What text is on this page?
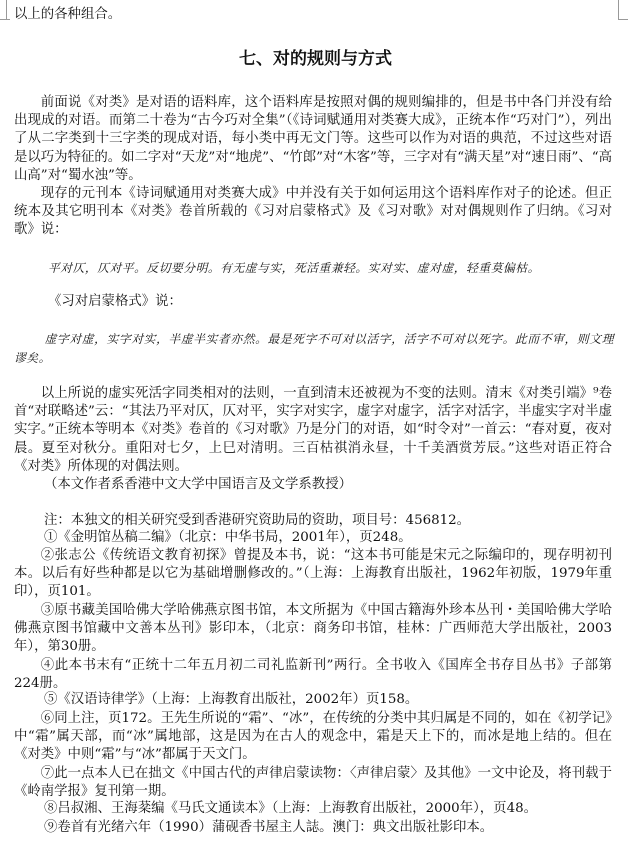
以上的各种组合。
七、对的规则与方式

前面说《对类》是对语的语料库，这个语料库是按照对偶的规则编排的，但是书中各门并没有给出现成的对语。而第二十卷为“古今巧对全集”（《诗词赋通用对类赛大成》，正统本作“巧对门”），列出了从二字类到十三字类的现成对语，每小类中再无文门等。这些可以作为对语的典范，不过这些对语是以巧为特征的。如二字对“天龙”对“地虎”、“竹郎”对“木客”等，三字对有“满天星”对“速日雨”、“高山高”对“蜀水浊”等。

现存的元刊本《诗词赋通用对类赛大成》中并没有关于如何运用这个语料库作对子的论述。但正统本及其它明刊本《对类》卷首所载的《习对启蒙格式》及《习对歌》对对偶规则作了归纳。《习对歌》说：

平对仄，仄对平。反切要分明。有无虚与实，死活重兼轻。实对实、虚对虚，轻重莫偏枯。
《习对启蒙格式》说：
虚字对虚，实字对实，半虚半实者亦然。最是死字不可对以活字，活字不可对以死字。此而不审，则文理谬矣。

以上所说的虚实死活字同类相对的法则，一直到清末还被视为不变的法则。清末《对类引端》⁹卷首“对联略述”云：“其法乃平对仄，仄对平，实字对实字，虚字对虚字，活字对活字，半虚实字对半虚实字。”正统本等明本《对类》卷首的《习对歌》乃是分门的对语，如“时令对”一首云：“春对夏，夜对晨。夏至对秋分。重阳对七夕，上巳对清明。三百枯祺消永昼，十千美酒赏芳辰。”这些对语正符合《对类》所体现的对偶法则。

（本文作者系香港中文大学中国语言及文学系教授）
注：本独文的相关研究受到香港研究资助局的资助，项目号：456812。
①《金明馆丛稿二编》（北京：中华书局，2001年），页248。

②张志公《传统语文教育初探》曾提及本书，说：“这本书可能是宋元之际编印的，现存明初刊本。以后有好些种都是以它为基础增删修改的。”（上海：上海教育出版社，1962年初版，1979年重印），页101。

③原书藏美国哈佛大学哈佛燕京图书馆，本文所据为《中国古籍海外珍本丛刊・美国哈佛大学哈佛燕京图书馆藏中文善本丛刊》影印本，（北京：商务印书馆，桂林：广西师范大学出版社，2003年），第30册。

④此本书末有“正统十二年五月初二司礼监新刊”两行。全书收入《国库全书存目丛书》子部第224册。

⑤《汉语诗律学》（上海：上海教育出版社，2002年）页158。

⑥同上注，页172。王先生所说的“霜”、“冰”，在传统的分类中其归属是不同的，如在《初学记》中“霜”属天部，而“冰”属地部，这是因为在古人的观念中，霜是天上下的，而冰是地上结的。但在《对类》中则“霜”与“冰”都属于天文门。

⑦此一点本人已在拙文《中国古代的声律启蒙读物：〈声律启蒙〉及其他》一文中论及，将刊载于《岭南学报》复刊第一期。

⑧吕叔湘、王海棻编《马氏文通读本》（上海：上海教育出版社，2000年），页48。
⑨卷首有光绪六年（1990）蒲砚香书屋主人誌。澳门：典文出版社影印本。
